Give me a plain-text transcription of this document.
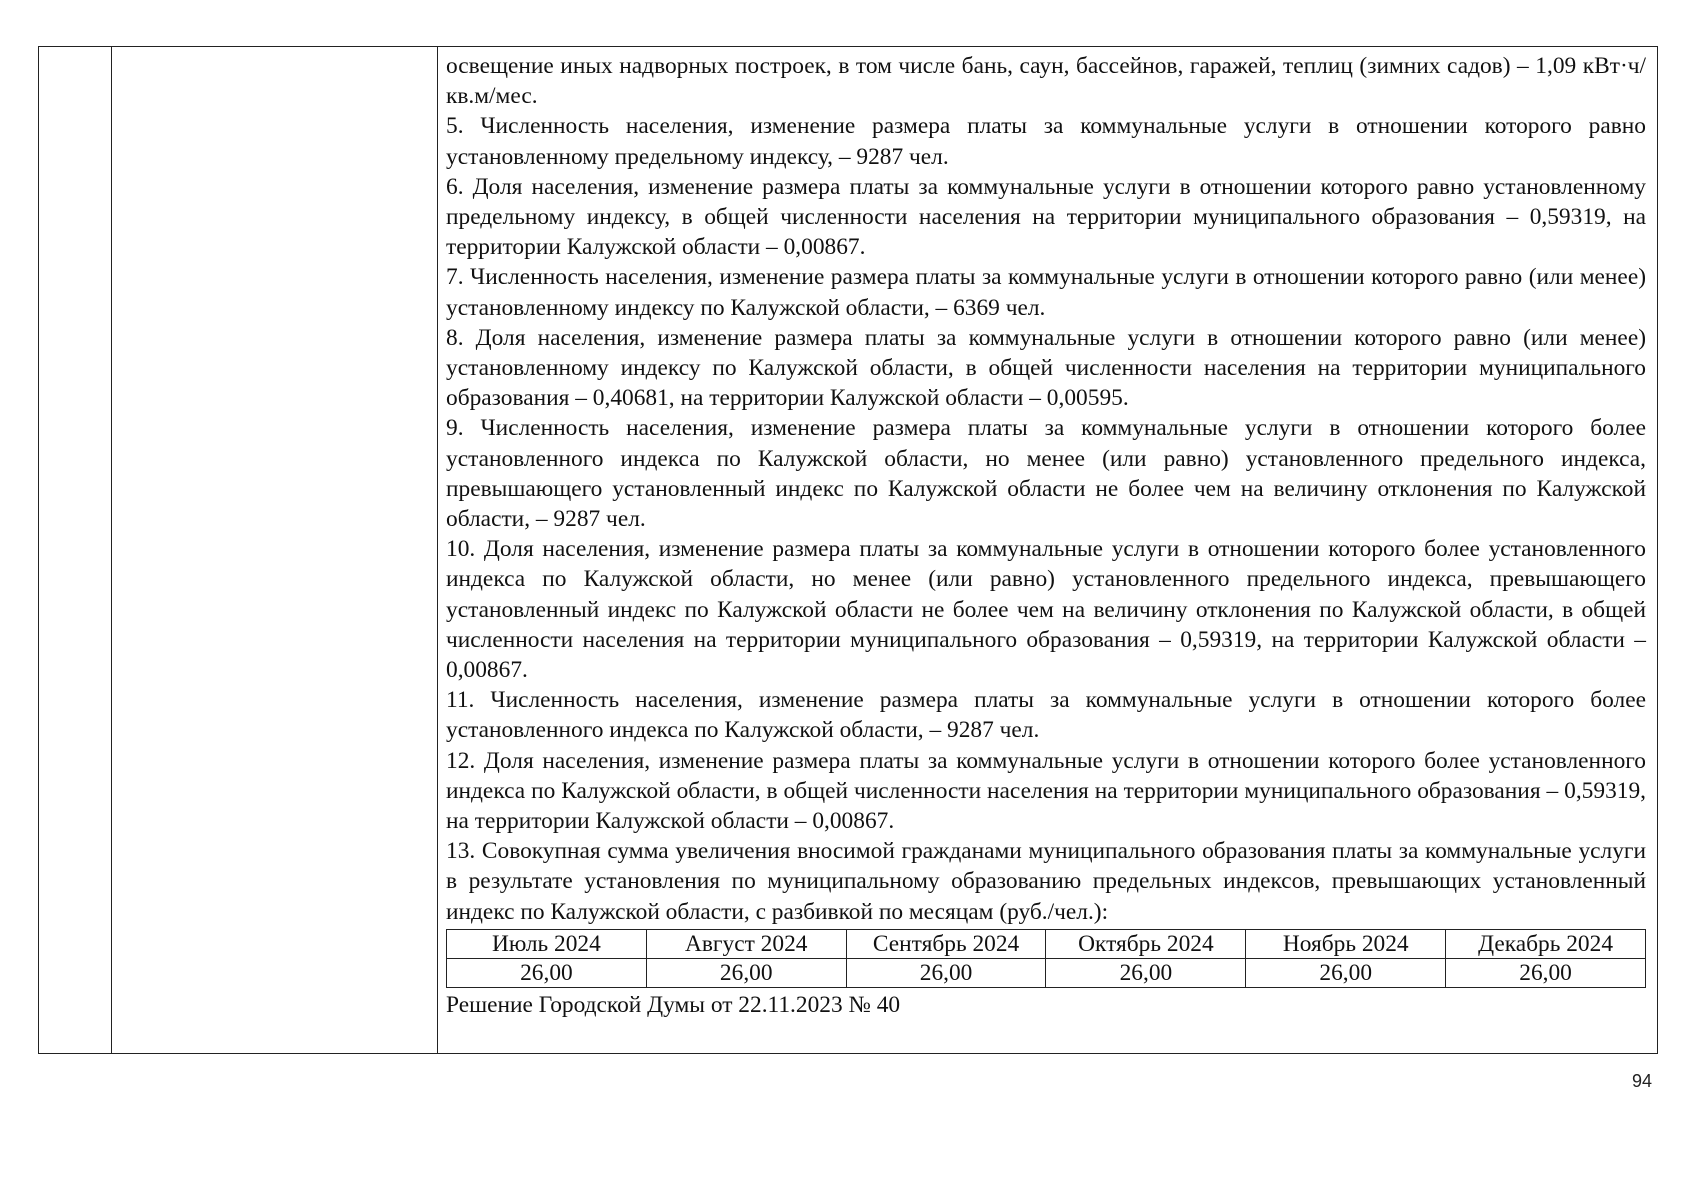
освещение иных надворных построек, в том числе бань, саун, бассейнов, гаражей, теплиц (зимних садов) – 1,09 кВт·ч/кв.м/мес.

5. Численность населения, изменение размера платы за коммунальные услуги в отношении которого равно установленному предельному индексу, – 9287 чел.

6. Доля населения, изменение размера платы за коммунальные услуги в отношении которого равно установленному предельному индексу, в общей численности населения на территории муниципального образования – 0,59319, на территории Калужской области – 0,00867.

7. Численность населения, изменение размера платы за коммунальные услуги в отношении которого равно (или менее) установленному индексу по Калужской области, – 6369 чел.

8. Доля населения, изменение размера платы за коммунальные услуги в отношении которого равно (или менее) установленному индексу по Калужской области, в общей численности населения на территории муниципального образования – 0,40681, на территории Калужской области – 0,00595.

9. Численность населения, изменение размера платы за коммунальные услуги в отношении которого более установленного индекса по Калужской области, но менее (или равно) установленного предельного индекса, превышающего установленный индекс по Калужской области не более чем на величину отклонения по Калужской области, – 9287 чел.

10. Доля населения, изменение размера платы за коммунальные услуги в отношении которого более установленного индекса по Калужской области, но менее (или равно) установленного предельного индекса, превышающего установленный индекс по Калужской области не более чем на величину отклонения по Калужской области, в общей численности населения на территории муниципального образования – 0,59319, на территории Калужской области – 0,00867.

11. Численность населения, изменение размера платы за коммунальные услуги в отношении которого более установленного индекса по Калужской области, – 9287 чел.

12. Доля населения, изменение размера платы за коммунальные услуги в отношении которого более установленного индекса по Калужской области, в общей численности населения на территории муниципального образования – 0,59319, на территории Калужской области – 0,00867.

13. Совокупная сумма увеличения вносимой гражданами муниципального образования платы за коммунальные услуги в результате установления по муниципальному образованию предельных индексов, превышающих установленный индекс по Калужской области, с разбивкой по месяцам (руб./чел.):

Июль 2024	Август 2024	Сентябрь 2024	Октябрь 2024	Ноябрь 2024	Декабрь 2024
26,00	26,00	26,00	26,00	26,00	26,00

Решение Городской Думы от 22.11.2023 № 40

94
